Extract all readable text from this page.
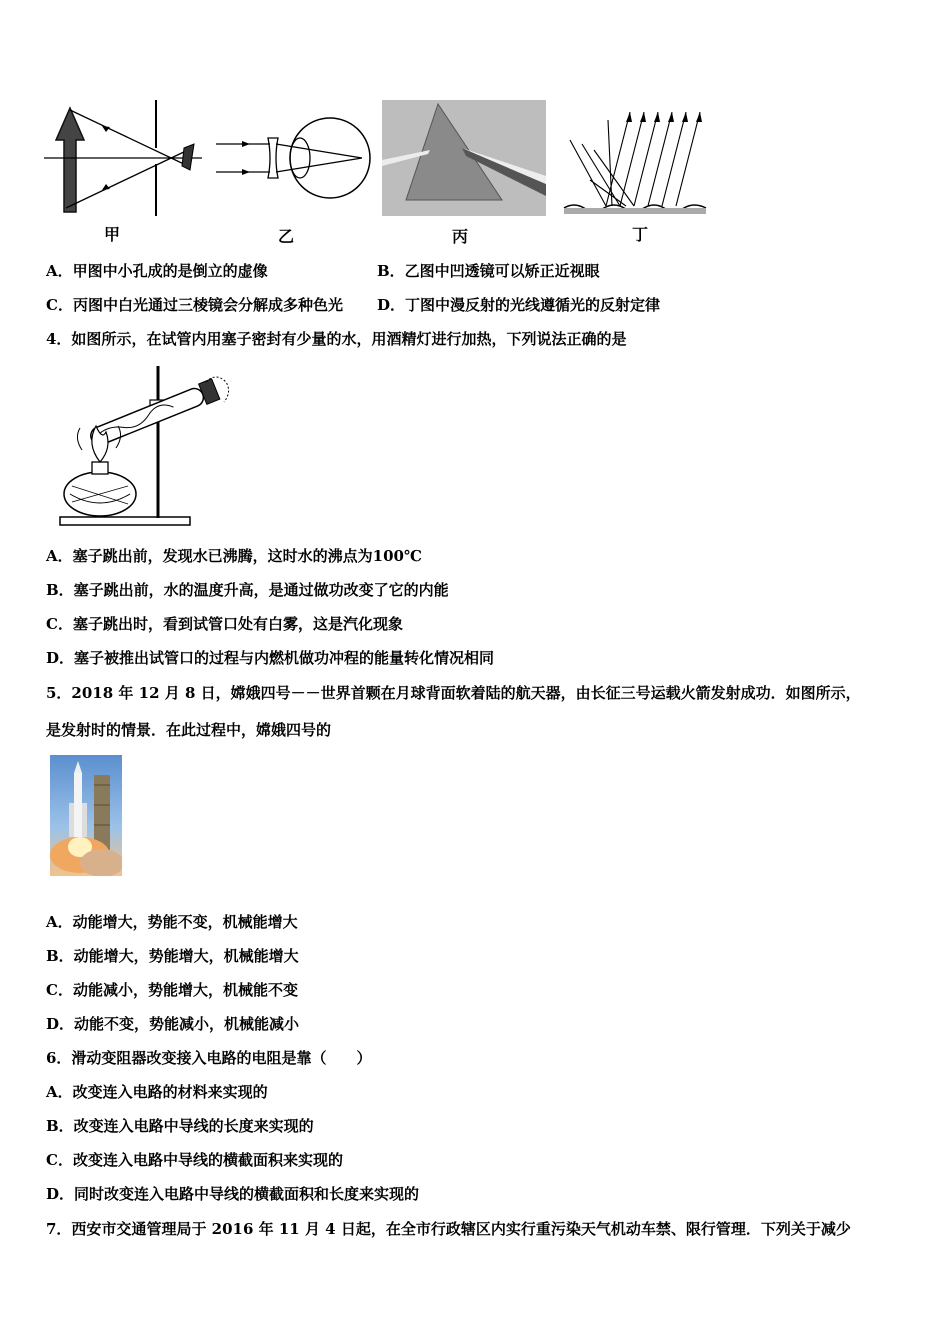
甲	乙	丙	丁
A．甲图中小孔成的是倒立的虚像	B．乙图中凹透镜可以矫正近视眼
C．丙图中白光通过三棱镜会分解成多种色光 D．丁图中漫反射的光线遵循光的反射定律
4．如图所示，在试管内用塞子密封有少量的水，用酒精灯进行加热，下列说法正确的是
A．塞子跳出前，发现水已沸腾，这时水的沸点为100℃
B．塞子跳出前，水的温度升高，是通过做功改变了它的内能
C．塞子跳出时，看到试管口处有白雾，这是汽化现象
D．塞子被推出试管口的过程与内燃机做功冲程的能量转化情况相同
5．2018 年 12 月 8 日，嫦娥四号－－世界首颗在月球背面软着陆的航天器，由长征三号运载火箭发射成功．如图所示，
是发射时的情景．在此过程中，嫦娥四号的
A．动能增大，势能不变，机械能增大
B．动能增大，势能增大，机械能增大
C．动能减小，势能增大，机械能不变
D．动能不变，势能减小，机械能减小
6．滑动变阻器改变接入电路的电阻是靠（　　）
A．改变连入电路的材料来实现的
B．改变连入电路中导线的长度来实现的
C．改变连入电路中导线的横截面积来实现的
D．同时改变连入电路中导线的横截面积和长度来实现的
7．西安市交通管理局于 2016 年 11 月 4 日起，在全市行政辖区内实行重污染天气机动车禁、限行管理．下列关于减少
